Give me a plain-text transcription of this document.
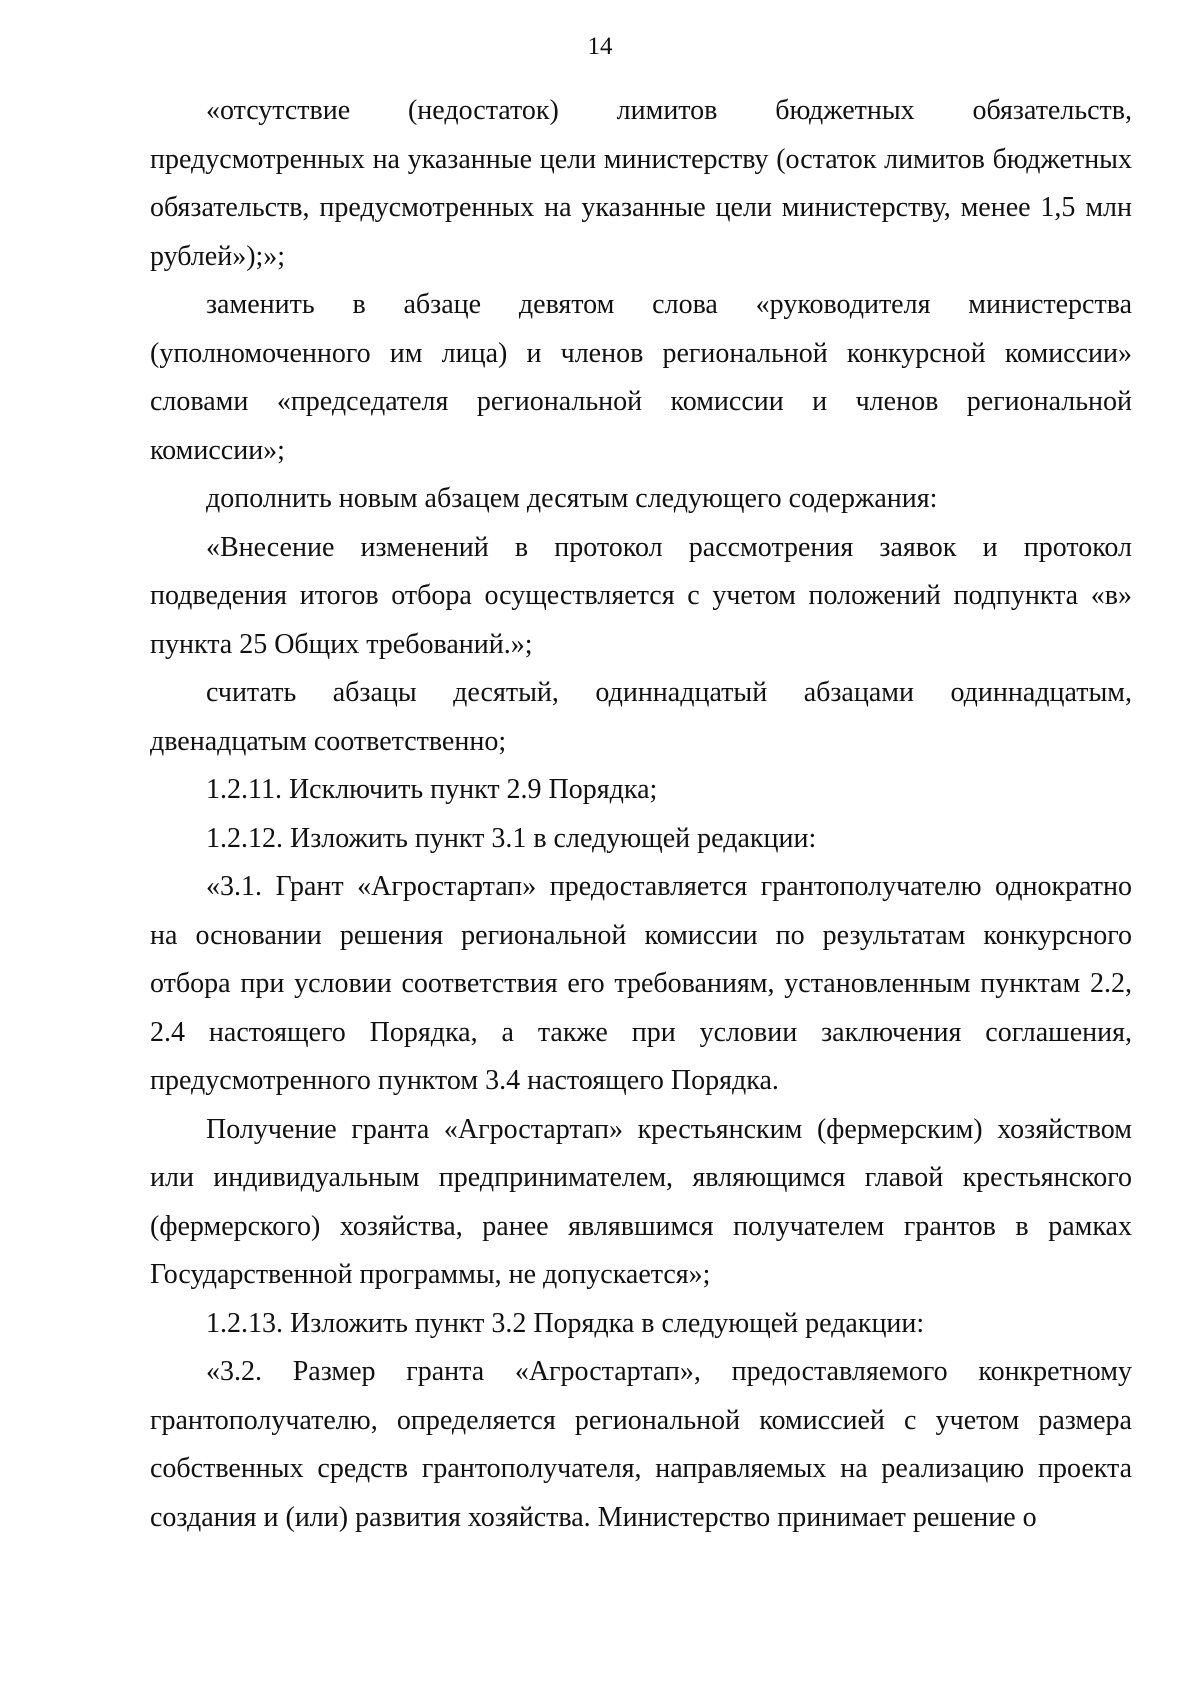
14

«отсутствие (недостаток) лимитов бюджетных обязательств, предусмотренных на указанные цели министерству (остаток лимитов бюджетных обязательств, предусмотренных на указанные цели министерству, менее 1,5 млн рублей»);»;

заменить в абзаце девятом слова «руководителя министерства (уполномоченного им лица) и членов региональной конкурсной комиссии» словами «председателя региональной комиссии и членов региональной комиссии»;

дополнить новым абзацем десятым следующего содержания:

«Внесение изменений в протокол рассмотрения заявок и протокол подведения итогов отбора осуществляется с учетом положений подпункта «в» пункта 25 Общих требований.»;

считать абзацы десятый, одиннадцатый абзацами одиннадцатым, двенадцатым соответственно;

1.2.11. Исключить пункт 2.9 Порядка;

1.2.12. Изложить пункт 3.1 в следующей редакции:

«3.1. Грант «Агростартап» предоставляется грантополучателю однократно на основании решения региональной комиссии по результатам конкурсного отбора при условии соответствия его требованиям, установленным пунктам 2.2, 2.4 настоящего Порядка, а также при условии заключения соглашения, предусмотренного пунктом 3.4 настоящего Порядка.

Получение гранта «Агростартап» крестьянским (фермерским) хозяйством или индивидуальным предпринимателем, являющимся главой крестьянского (фермерского) хозяйства, ранее являвшимся получателем грантов в рамках Государственной программы, не допускается»;

1.2.13. Изложить пункт 3.2 Порядка в следующей редакции:

«3.2. Размер гранта «Агростартап», предоставляемого конкретному грантополучателю, определяется региональной комиссией с учетом размера собственных средств грантополучателя, направляемых на реализацию проекта создания и (или) развития хозяйства. Министерство принимает решение о
